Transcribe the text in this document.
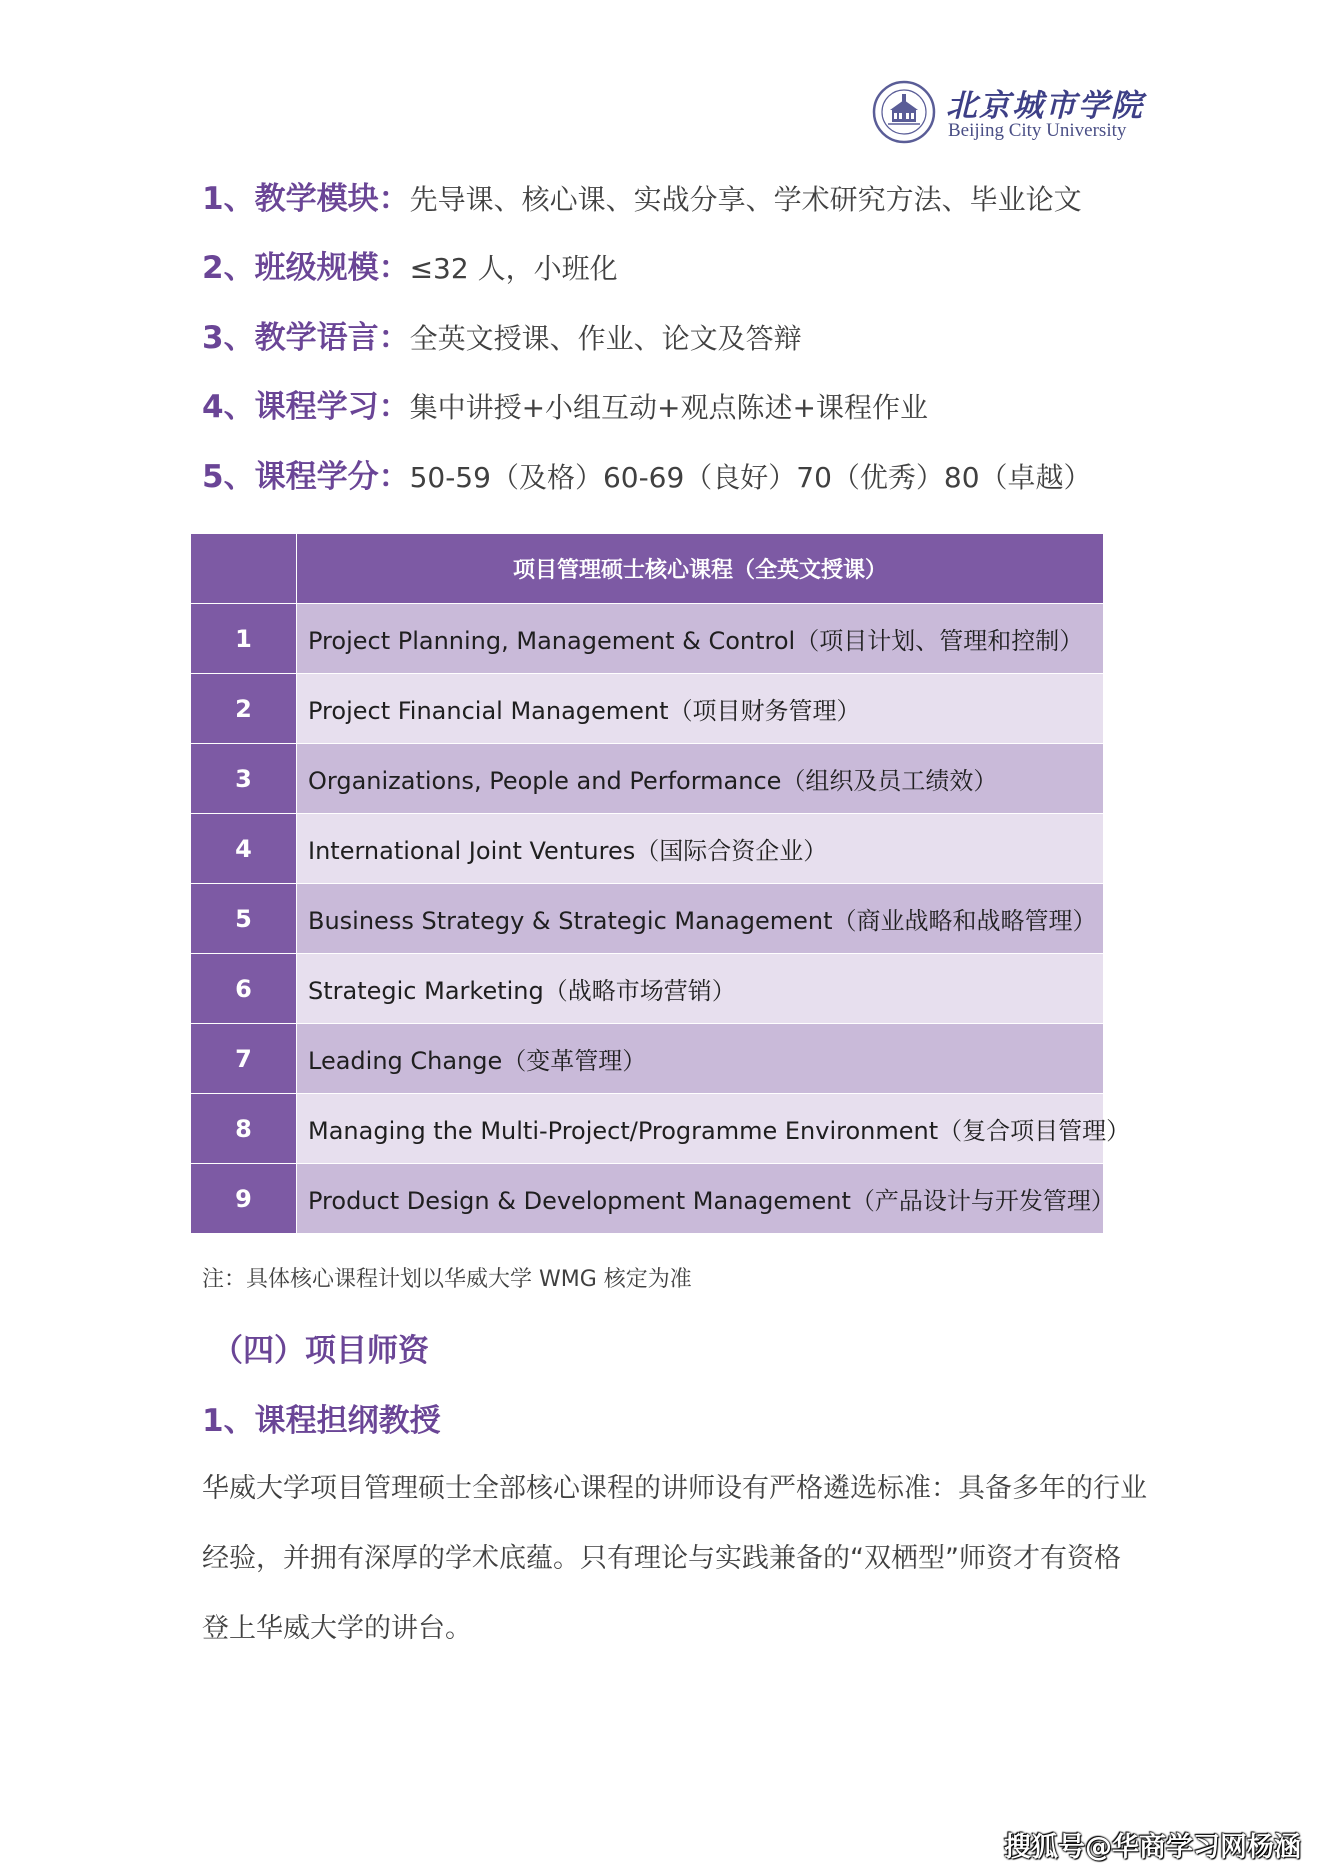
北京城市学院
Beijing City University
1、教学模块：先导课、核心课、实战分享、学术研究方法、毕业论文
2、班级规模：≤32 人，小班化
3、教学语言：全英文授课、作业、论文及答辩
4、课程学习：集中讲授+小组互动+观点陈述+课程作业
5、课程学分：50-59（及格）60-69（良好）70（优秀）80（卓越）
	项目管理硕士核心课程（全英文授课）
1	Project Planning, Management & Control（项目计划、管理和控制）
2	Project Financial Management（项目财务管理）
3	Organizations, People and Performance（组织及员工绩效）
4	International Joint Ventures（国际合资企业）
5	Business Strategy & Strategic Management（商业战略和战略管理）
6	Strategic Marketing（战略市场营销）
7	Leading Change（变革管理）
8	Managing the Multi-Project/Programme Environment（复合项目管理）
9	Product Design & Development Management（产品设计与开发管理）
注：具体核心课程计划以华威大学 WMG 核定为准
（四）项目师资
1、课程担纲教授
华威大学项目管理硕士全部核心课程的讲师设有严格遴选标准：具备多年的行业
经验，并拥有深厚的学术底蕴。只有理论与实践兼备的“双栖型”师资才有资格
登上华威大学的讲台。
搜狐号@华商学习网杨涵
